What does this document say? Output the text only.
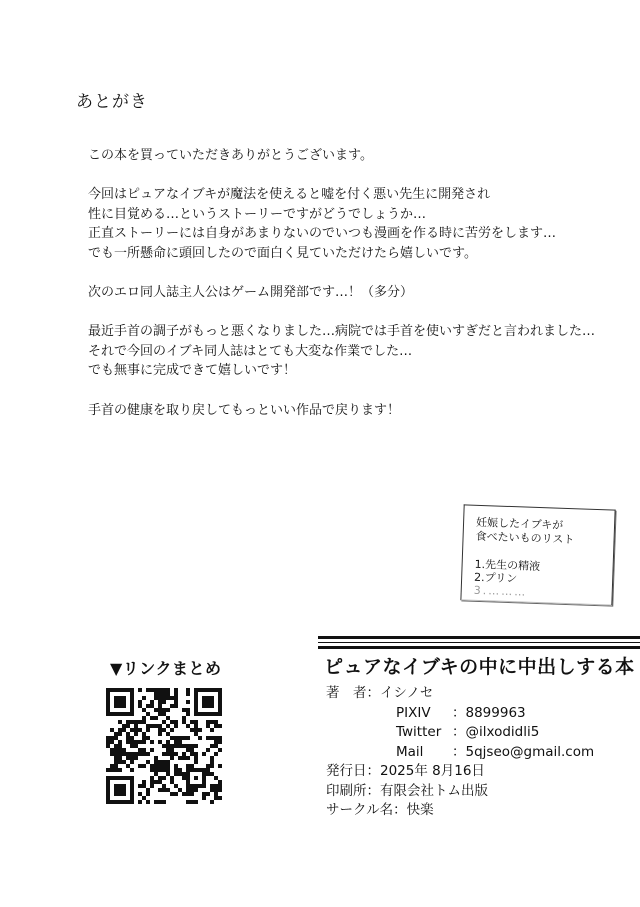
あとがき

この本を買っていただきありがとうございます。

今回はピュアなイブキが魔法を使えると嘘を付く悪い先生に開発され
性に目覚める…というストーリーですがどうでしょうか…
正直ストーリーには自身があまりないのでいつも漫画を作る時に苦労をします…
でも一所懸命に頭回したので面白く見ていただけたら嬉しいです。

次のエロ同人誌主人公はゲーム開発部です…！（多分）

最近手首の調子がもっと悪くなりました…病院では手首を使いすぎだと言われました…
それで今回のイブキ同人誌はとても大変な作業でした…
でも無事に完成できて嬉しいです！

手首の健康を取り戻してもっといい作品で戻ります！

妊娠したイブキが
食べたいものリスト
1.先生の精液
2.プリン
3.………
ピュアなイブキの中に中出しする本
著　者：イシノセ
PIXIV ：8899963
Twitter ：@ilxodidli5
Mail ：5qjseo@gmail.com
発行日：2025年 8月16日
印刷所：有限会社トム出版
サークル名：快楽
▼リンクまとめ
